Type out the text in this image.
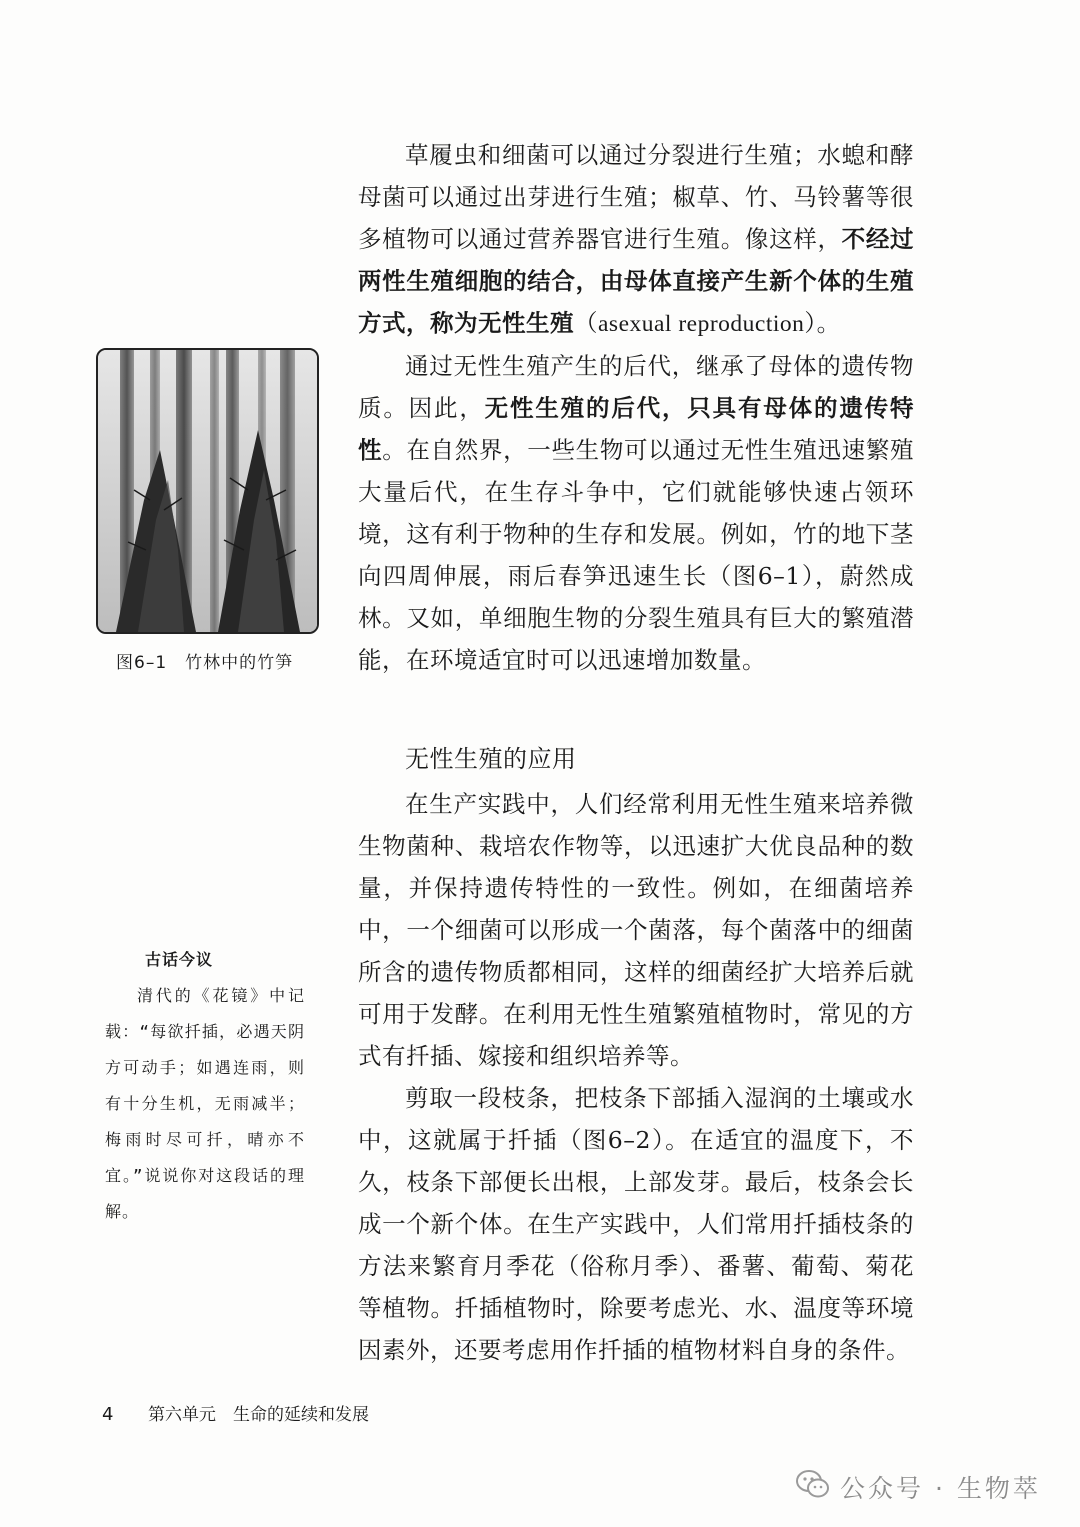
草履虫和细菌可以通过分裂进行生殖；水螅和酵母菌可以通过出芽进行生殖；椒草、竹、马铃薯等很多植物可以通过营养器官进行生殖。像这样，不经过两性生殖细胞的结合，由母体直接产生新个体的生殖方式，称为无性生殖（asexual reproduction）。

通过无性生殖产生的后代，继承了母体的遗传物质。因此，无性生殖的后代，只具有母体的遗传特性。在自然界，一些生物可以通过无性生殖迅速繁殖大量后代，在生存斗争中，它们就能够快速占领环境，这有利于物种的生存和发展。例如，竹的地下茎向四周伸展，雨后春笋迅速生长（图6–1），蔚然成林。又如，单细胞生物的分裂生殖具有巨大的繁殖潜能，在环境适宜时可以迅速增加数量。

无性生殖的应用

在生产实践中，人们经常利用无性生殖来培养微生物菌种、栽培农作物等，以迅速扩大优良品种的数量，并保持遗传特性的一致性。例如，在细菌培养中，一个细菌可以形成一个菌落，每个菌落中的细菌所含的遗传物质都相同，这样的细菌经扩大培养后就可用于发酵。在利用无性生殖繁殖植物时，常见的方式有扦插、嫁接和组织培养等。

剪取一段枝条，把枝条下部插入湿润的土壤或水中，这就属于扦插（图6–2）。在适宜的温度下，不久，枝条下部便长出根，上部发芽。最后，枝条会长成一个新个体。在生产实践中，人们常用扦插枝条的方法来繁育月季花（俗称月季）、番薯、葡萄、菊花等植物。扦插植物时，除要考虑光、水、温度等环境因素外，还要考虑用作扦插的植物材料自身的条件。

图6–1　竹林中的竹笋
古话今议

清代的《花镜》中记载：“每欲扦插，必遇天阴方可动手；如遇连雨，则有十分生机，无雨减半；梅雨时尽可扦，晴亦不宜。”说说你对这段话的理解。

4 第六单元　生命的延续和发展
公众号 · 生物萃
